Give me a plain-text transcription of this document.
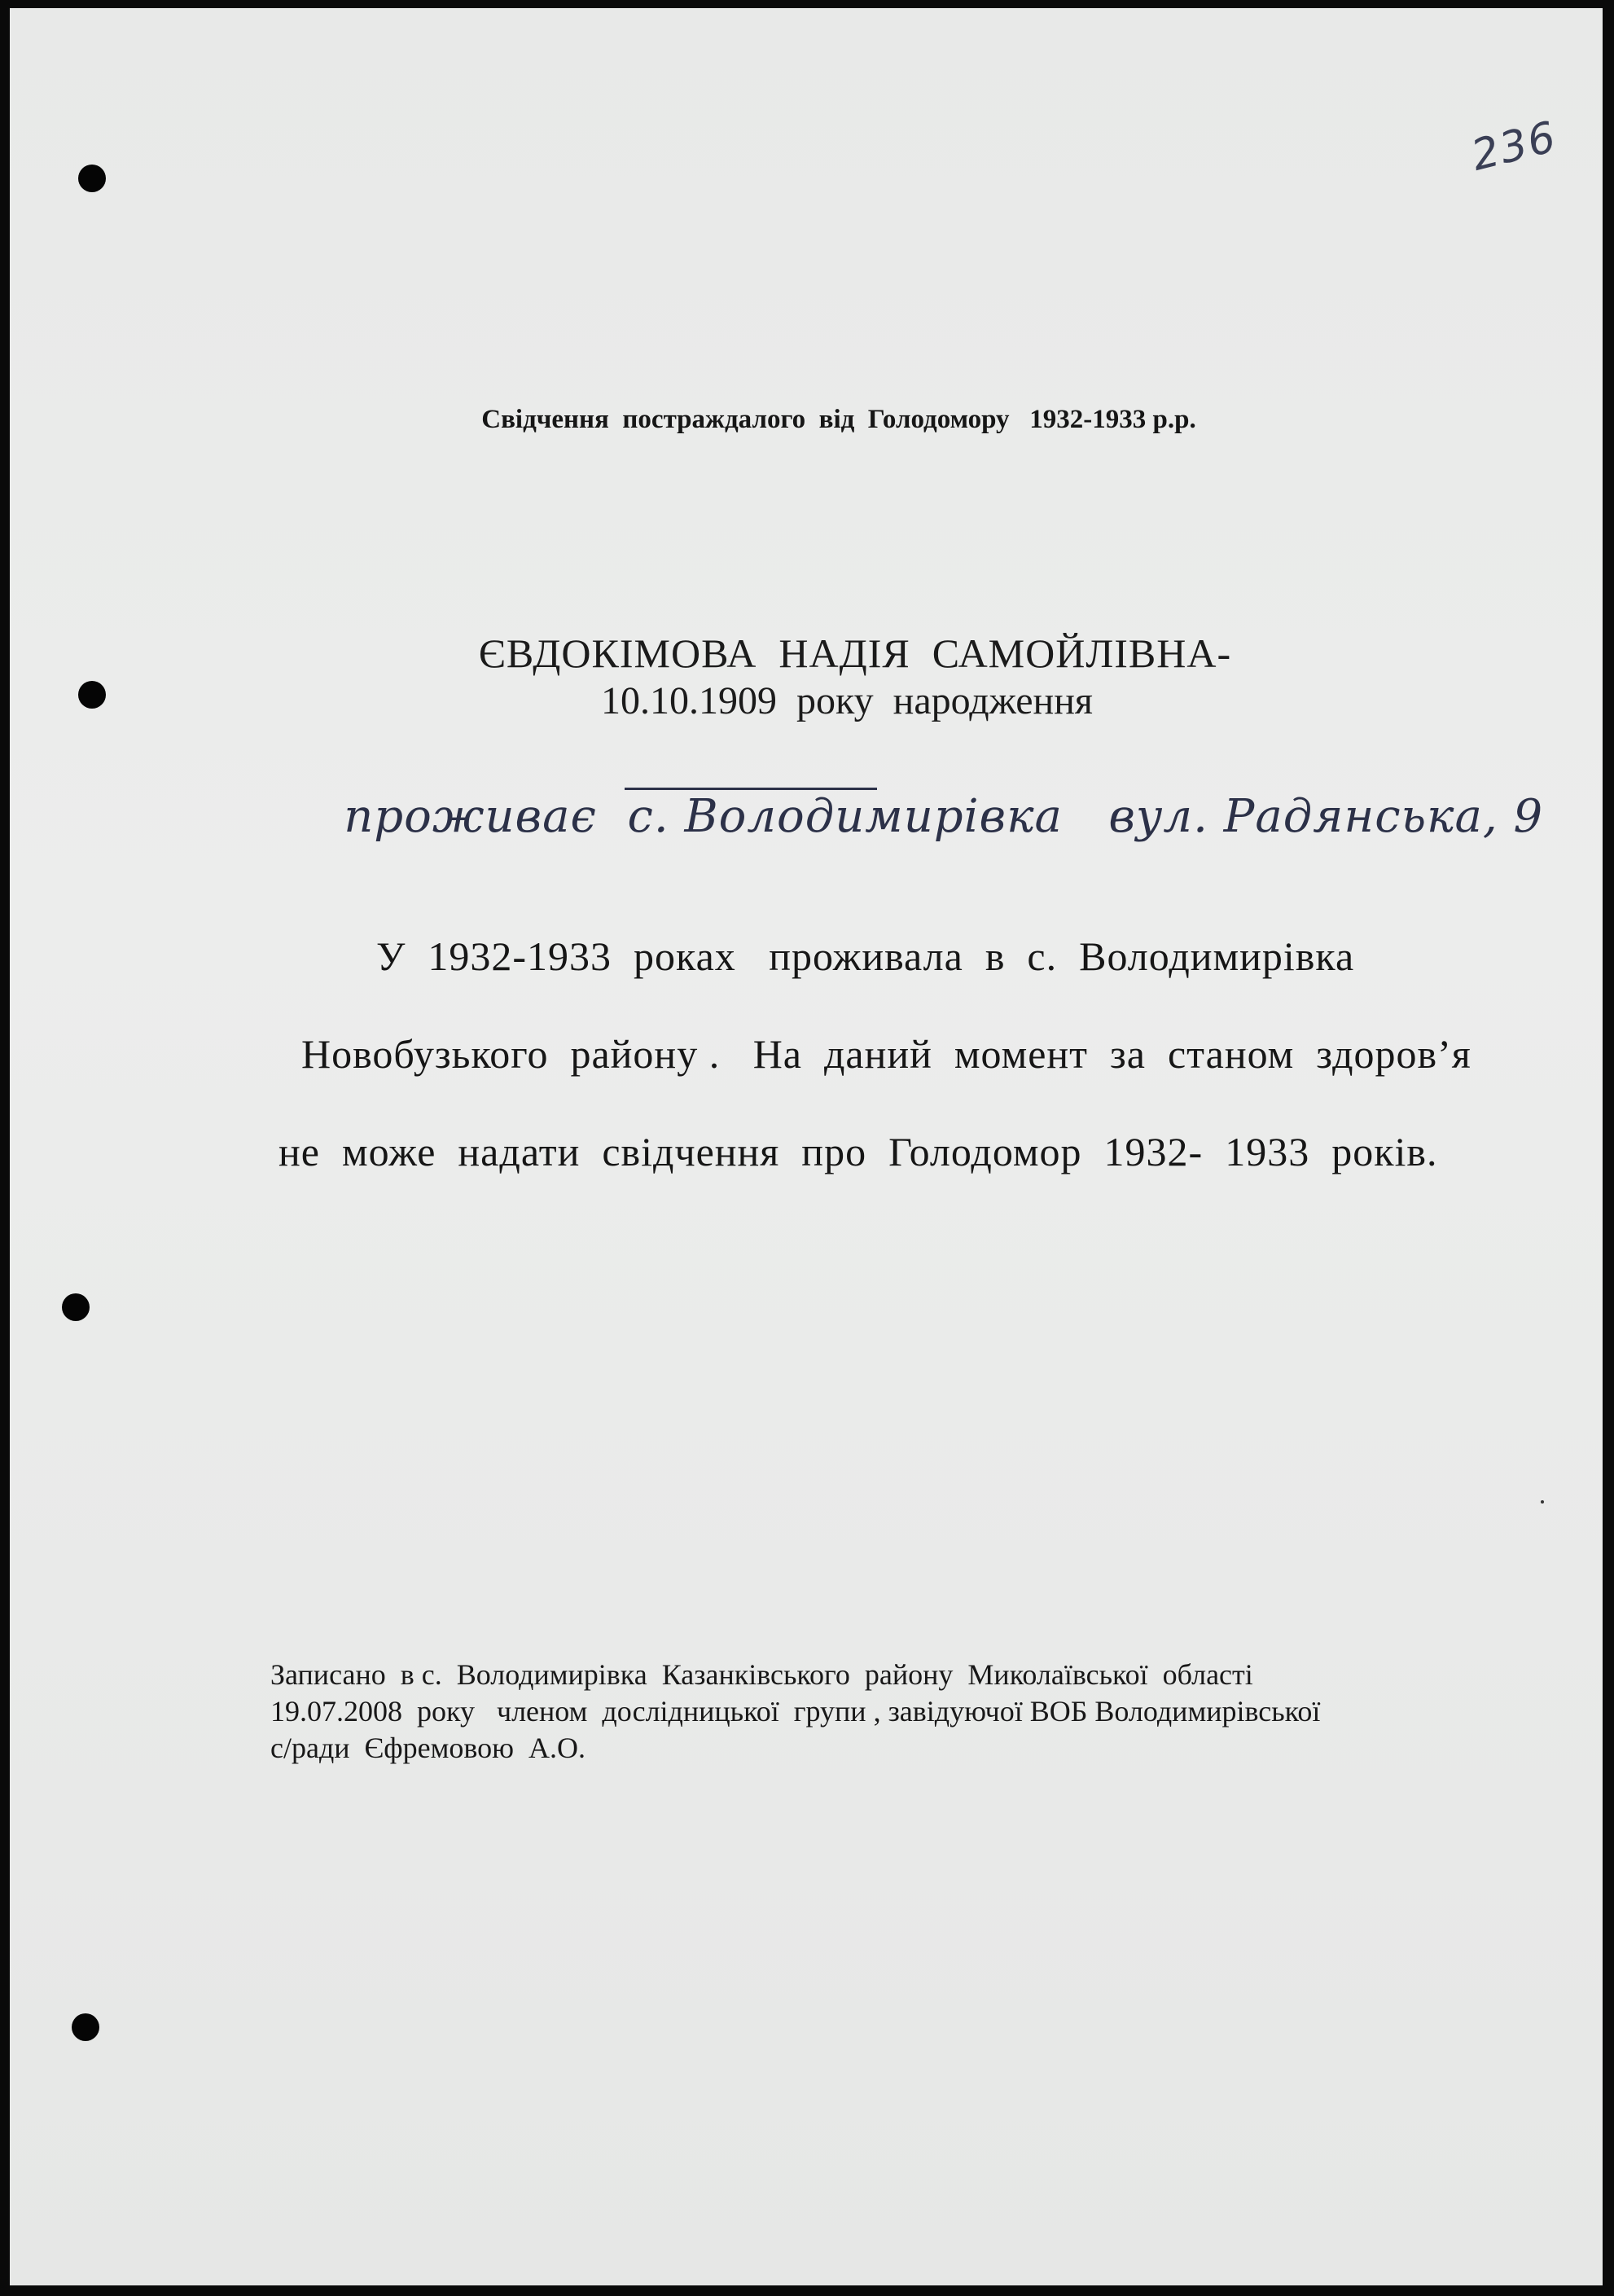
236
Свідчення  постраждалого  від  Голодомору   1932-1933 р.р.
ЄВДОКІМОВА  НАДІЯ  САМОЙЛІВНА-
10.10.1909  року  народження

проживає  с. Володимирівка   вул. Радянська, 9

У  1932-1933  роках   проживала  в  с.  Володимирівка
Новобузького  району .   На  даний  момент  за  станом  здоров’я
не  може  надати  свідчення  про  Голодомор  1932-  1933  років.
Записано  в с.  Володимирівка  Казанківського  району  Миколаївської  області
19.07.2008  року   членом  дослідницької  групи , завідуючої ВОБ Володимирівської
с/ради  Єфремовою  А.О.
